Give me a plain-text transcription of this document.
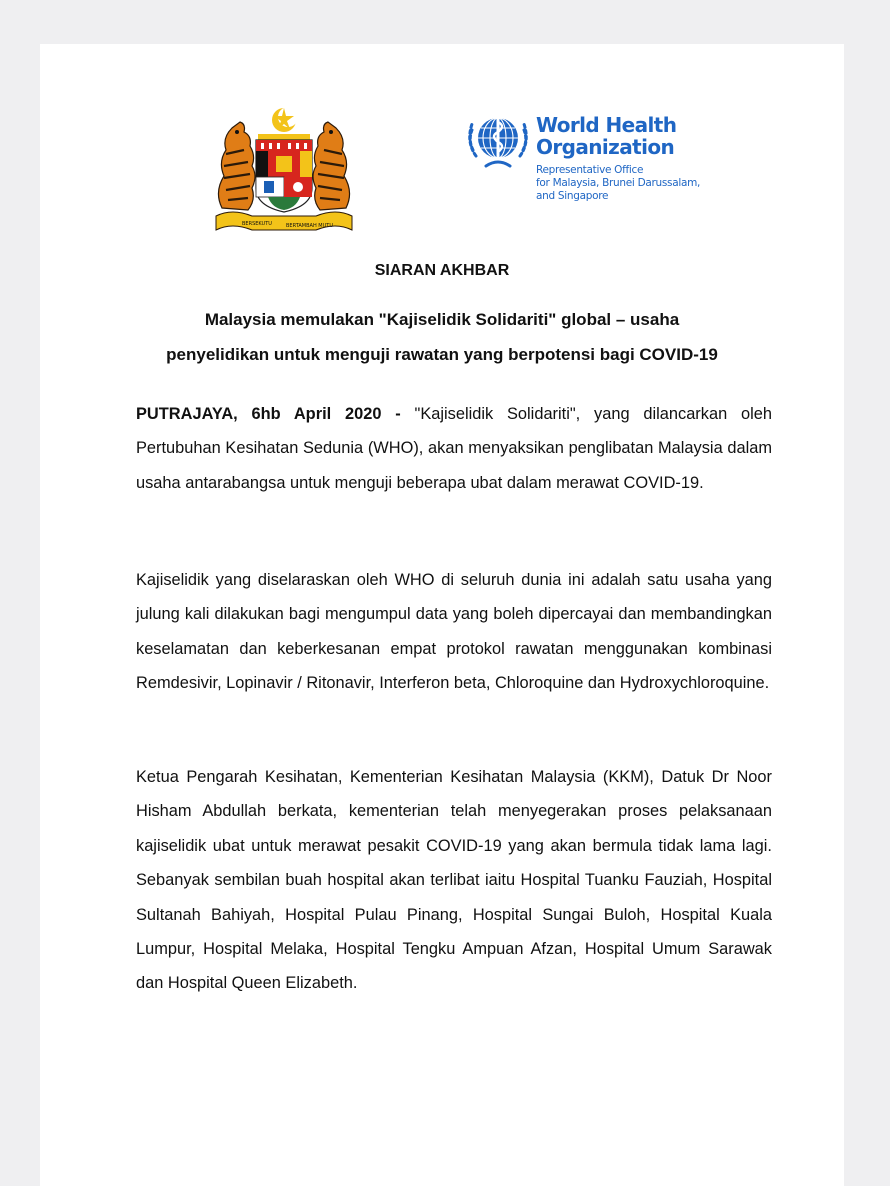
BERSEKUTU	BERTAMBAH MUTU
World Health
Organization
Representative Office
for Malaysia, Brunei Darussalam,
and Singapore
SIARAN AKHBAR
Malaysia memulakan "Kajiselidik Solidariti" global – usaha
penyelidikan untuk menguji rawatan yang berpotensi bagi COVID-19

PUTRAJAYA, 6hb April 2020 - "Kajiselidik Solidariti", yang dilancarkan oleh Pertubuhan Kesihatan Sedunia (WHO), akan menyaksikan penglibatan Malaysia dalam usaha antarabangsa untuk menguji beberapa ubat dalam merawat COVID-19.

Kajiselidik yang diselaraskan oleh WHO di seluruh dunia ini adalah satu usaha yang julung kali dilakukan bagi mengumpul data yang boleh dipercayai dan membandingkan keselamatan dan keberkesanan empat protokol rawatan menggunakan kombinasi Remdesivir, Lopinavir / Ritonavir, Interferon beta, Chloroquine dan Hydroxychloroquine.

Ketua Pengarah Kesihatan, Kementerian Kesihatan Malaysia (KKM), Datuk Dr Noor Hisham Abdullah berkata, kementerian telah menyegerakan proses pelaksanaan kajiselidik ubat untuk merawat pesakit COVID-19 yang akan bermula tidak lama lagi. Sebanyak sembilan buah hospital akan terlibat iaitu Hospital Tuanku Fauziah, Hospital Sultanah Bahiyah, Hospital Pulau Pinang, Hospital Sungai Buloh, Hospital Kuala Lumpur, Hospital Melaka, Hospital Tengku Ampuan Afzan, Hospital Umum Sarawak dan Hospital Queen Elizabeth.
